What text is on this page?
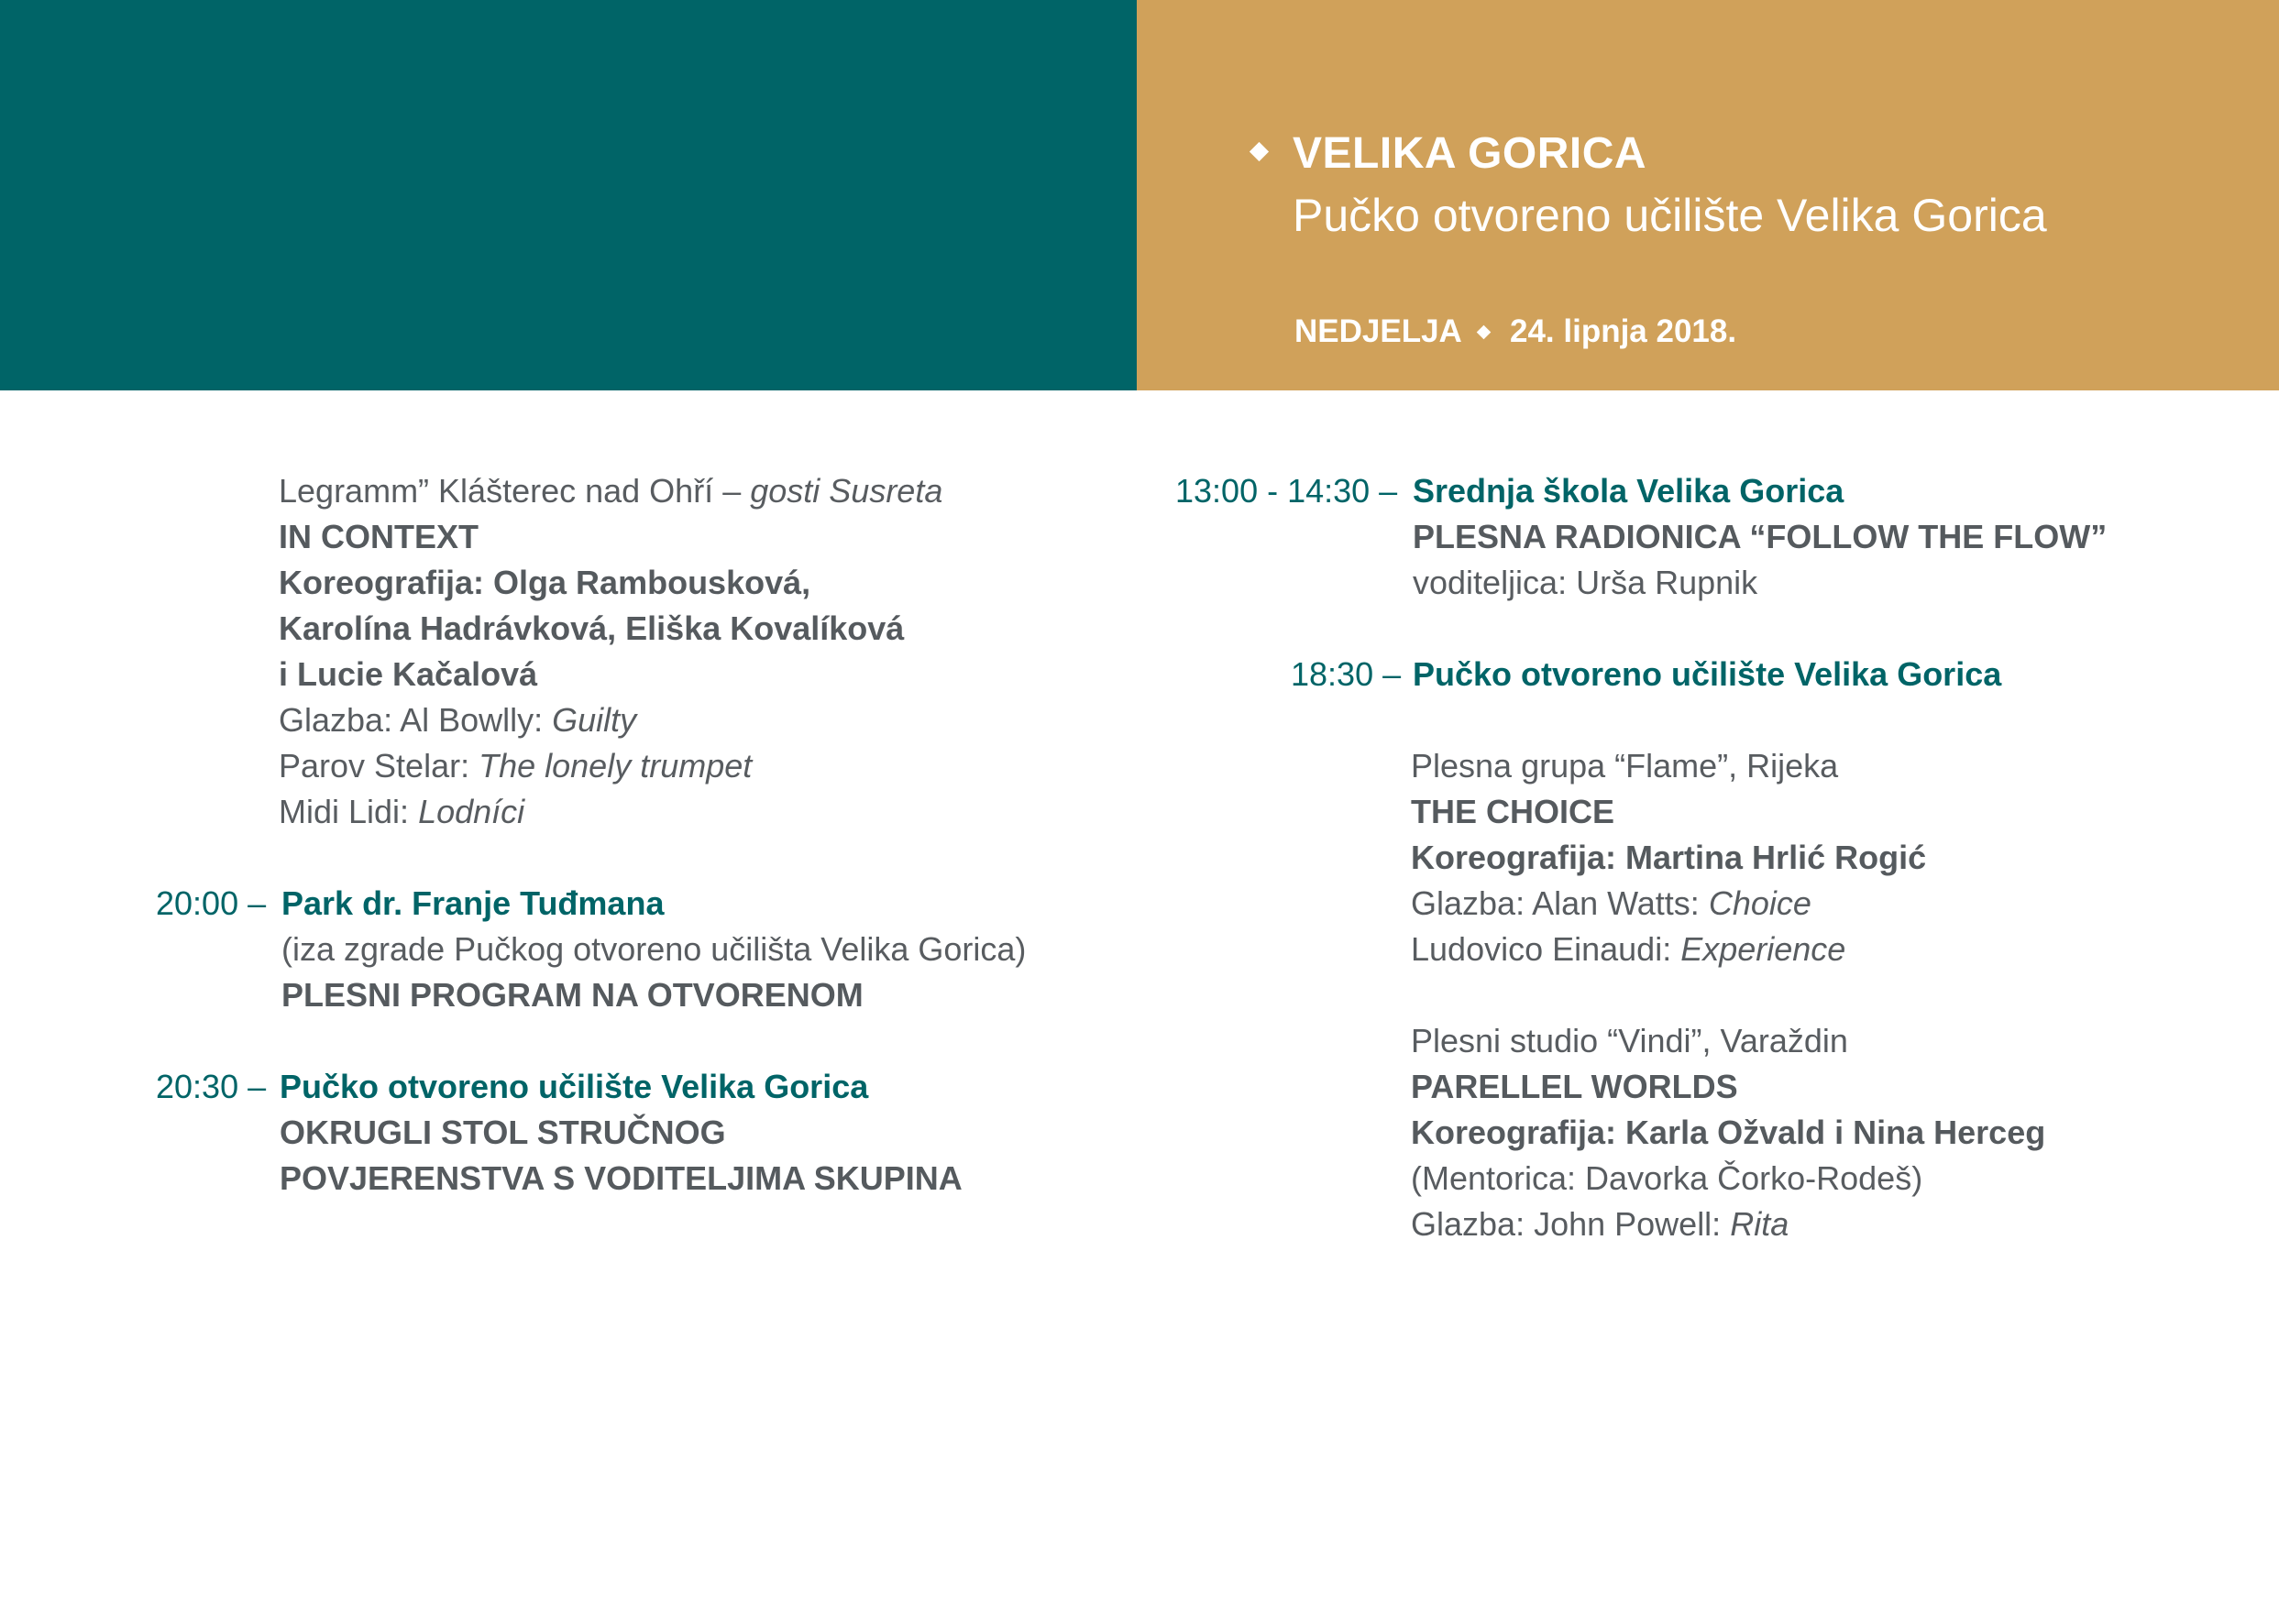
VELIKA GORICA
Pučko otvoreno učilište Velika Gorica
NEDJELJA 24. lipnja 2018.
Legramm” Klášterec nad Ohří – gosti Susreta
IN CONTEXT
Koreografija: Olga Rambousková,
Karolína Hadrávková, Eliška Kovalíková
i Lucie Kačalová
Glazba: Al Bowlly: Guilty
Parov Stelar: The lonely trumpet
Midi Lidi: Lodníci
20:00 – Park dr. Franje Tuđmana
(iza zgrade Pučkog otvoreno učilišta Velika Gorica)
PLESNI PROGRAM NA OTVORENOM
20:30 – Pučko otvoreno učilište Velika Gorica
OKRUGLI STOL STRUČNOG
POVJERENSTVA S VODITELJIMA SKUPINA
13:00 - 14:30 – Srednja škola Velika Gorica
PLESNA RADIONICA “FOLLOW THE FLOW”
voditeljica: Urša Rupnik
18:30 – Pučko otvoreno učilište Velika Gorica
Plesna grupa “Flame”, Rijeka
THE CHOICE
Koreografija: Martina Hrlić Rogić
Glazba: Alan Watts: Choice
Ludovico Einaudi: Experience
Plesni studio “Vindi”, Varaždin
PARELLEL WORLDS
Koreografija: Karla Ožvald i Nina Herceg
(Mentorica: Davorka Čorko-Rodeš)
Glazba: John Powell: Rita
